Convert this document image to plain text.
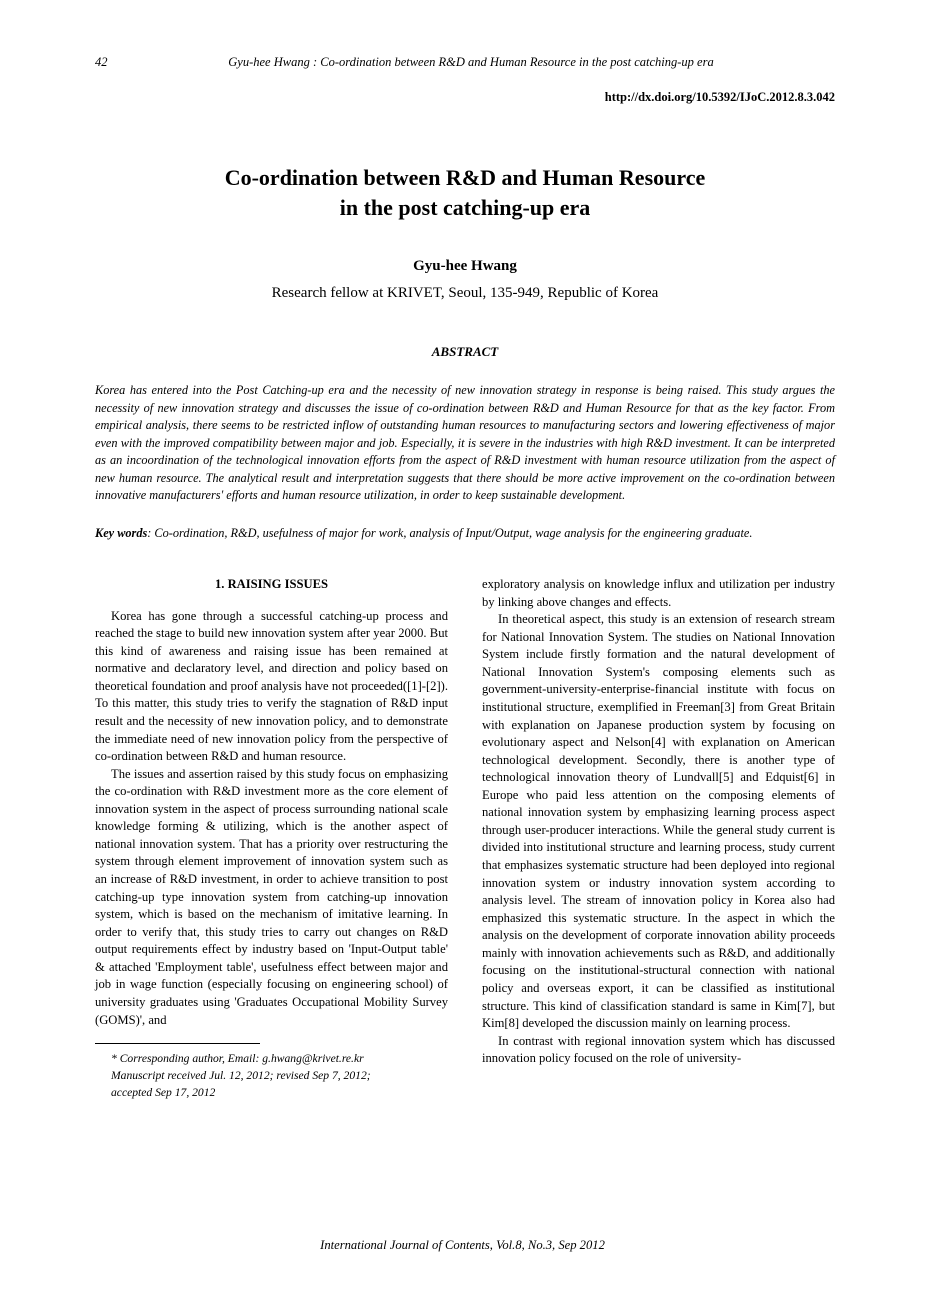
42	Gyu-hee Hwang : Co-ordination between R&D and Human Resource in the post catching-up era
http://dx.doi.org/10.5392/IJoC.2012.8.3.042
Co-ordination between R&D and Human Resource
in the post catching-up era
Gyu-hee Hwang
Research fellow at KRIVET, Seoul, 135-949, Republic of Korea
ABSTRACT
Korea has entered into the Post Catching-up era and the necessity of new innovation strategy in response is being raised. This study argues the necessity of new innovation strategy and discusses the issue of co-ordination between R&D and Human Resource for that as the key factor. From empirical analysis, there seems to be restricted inflow of outstanding human resources to manufacturing sectors and lowering effectiveness of major even with the improved compatibility between major and job. Especially, it is severe in the industries with high R&D investment. It can be interpreted as an incoordination of the technological innovation efforts from the aspect of R&D investment with human resource utilization from the aspect of new human resource. The analytical result and interpretation suggests that there should be more active improvement on the co-ordination between innovative manufacturers' efforts and human resource utilization, in order to keep sustainable development.
Key words: Co-ordination, R&D, usefulness of major for work, analysis of Input/Output, wage analysis for the engineering graduate.
1. RAISING ISSUES

Korea has gone through a successful catching-up process and reached the stage to build new innovation system after year 2000. But this kind of awareness and raising issue has been remained at normative and declaratory level, and direction and policy based on theoretical foundation and proof analysis have not proceeded([1]-[2]). To this matter, this study tries to verify the stagnation of R&D input result and the necessity of new innovation policy, and to demonstrate the immediate need of new innovation policy from the perspective of co-ordination between R&D and human resource.

The issues and assertion raised by this study focus on emphasizing the co-ordination with R&D investment more as the core element of innovation system in the aspect of process surrounding national scale knowledge forming & utilizing, which is the another aspect of national innovation system. That has a priority over restructuring the system through element improvement of innovation system such as an increase of R&D investment, in order to achieve transition to post catching-up type innovation system from catching-up innovation system, which is based on the mechanism of imitative learning. In order to verify that, this study tries to carry out changes on R&D output requirements effect by industry based on 'Input-Output table' & attached 'Employment table', usefulness effect between major and job in wage function (especially focusing on engineering school) of university graduates using 'Graduates Occupational Mobility Survey (GOMS)', and

* Corresponding author, Email: g.hwang@krivet.re.kr

Manuscript received Jul. 12, 2012; revised Sep 7, 2012;

accepted Sep 17, 2012

exploratory analysis on knowledge influx and utilization per industry by linking above changes and effects.

In theoretical aspect, this study is an extension of research stream for National Innovation System. The studies on National Innovation System include firstly formation and the natural development of National Innovation System's composing elements such as government-university-enterprise-financial institute with focus on institutional structure, exemplified in Freeman[3] from Great Britain with explanation on Japanese production system by focusing on evolutionary aspect and Nelson[4] with explanation on American technological development. Secondly, there is another type of technological innovation theory of Lundvall[5] and Edquist[6] in Europe who paid less attention on the composing elements of national innovation system by emphasizing learning process aspect through user-producer interactions. While the general study current is divided into institutional structure and learning process, study current that emphasizes systematic structure had been deployed into regional innovation system or industry innovation system according to analysis level. The stream of innovation policy in Korea also had emphasized this systematic structure. In the aspect in which the analysis on the development of corporate innovation ability proceeds mainly with innovation achievements such as R&D, and additionally focusing on the institutional-structural connection with national policy and overseas export, it can be classified as institutional structure. This kind of classification standard is same in Kim[7], but Kim[8] developed the discussion mainly on learning process.

In contrast with regional innovation system which has discussed innovation policy focused on the role of university-

International Journal of Contents, Vol.8, No.3, Sep 2012
